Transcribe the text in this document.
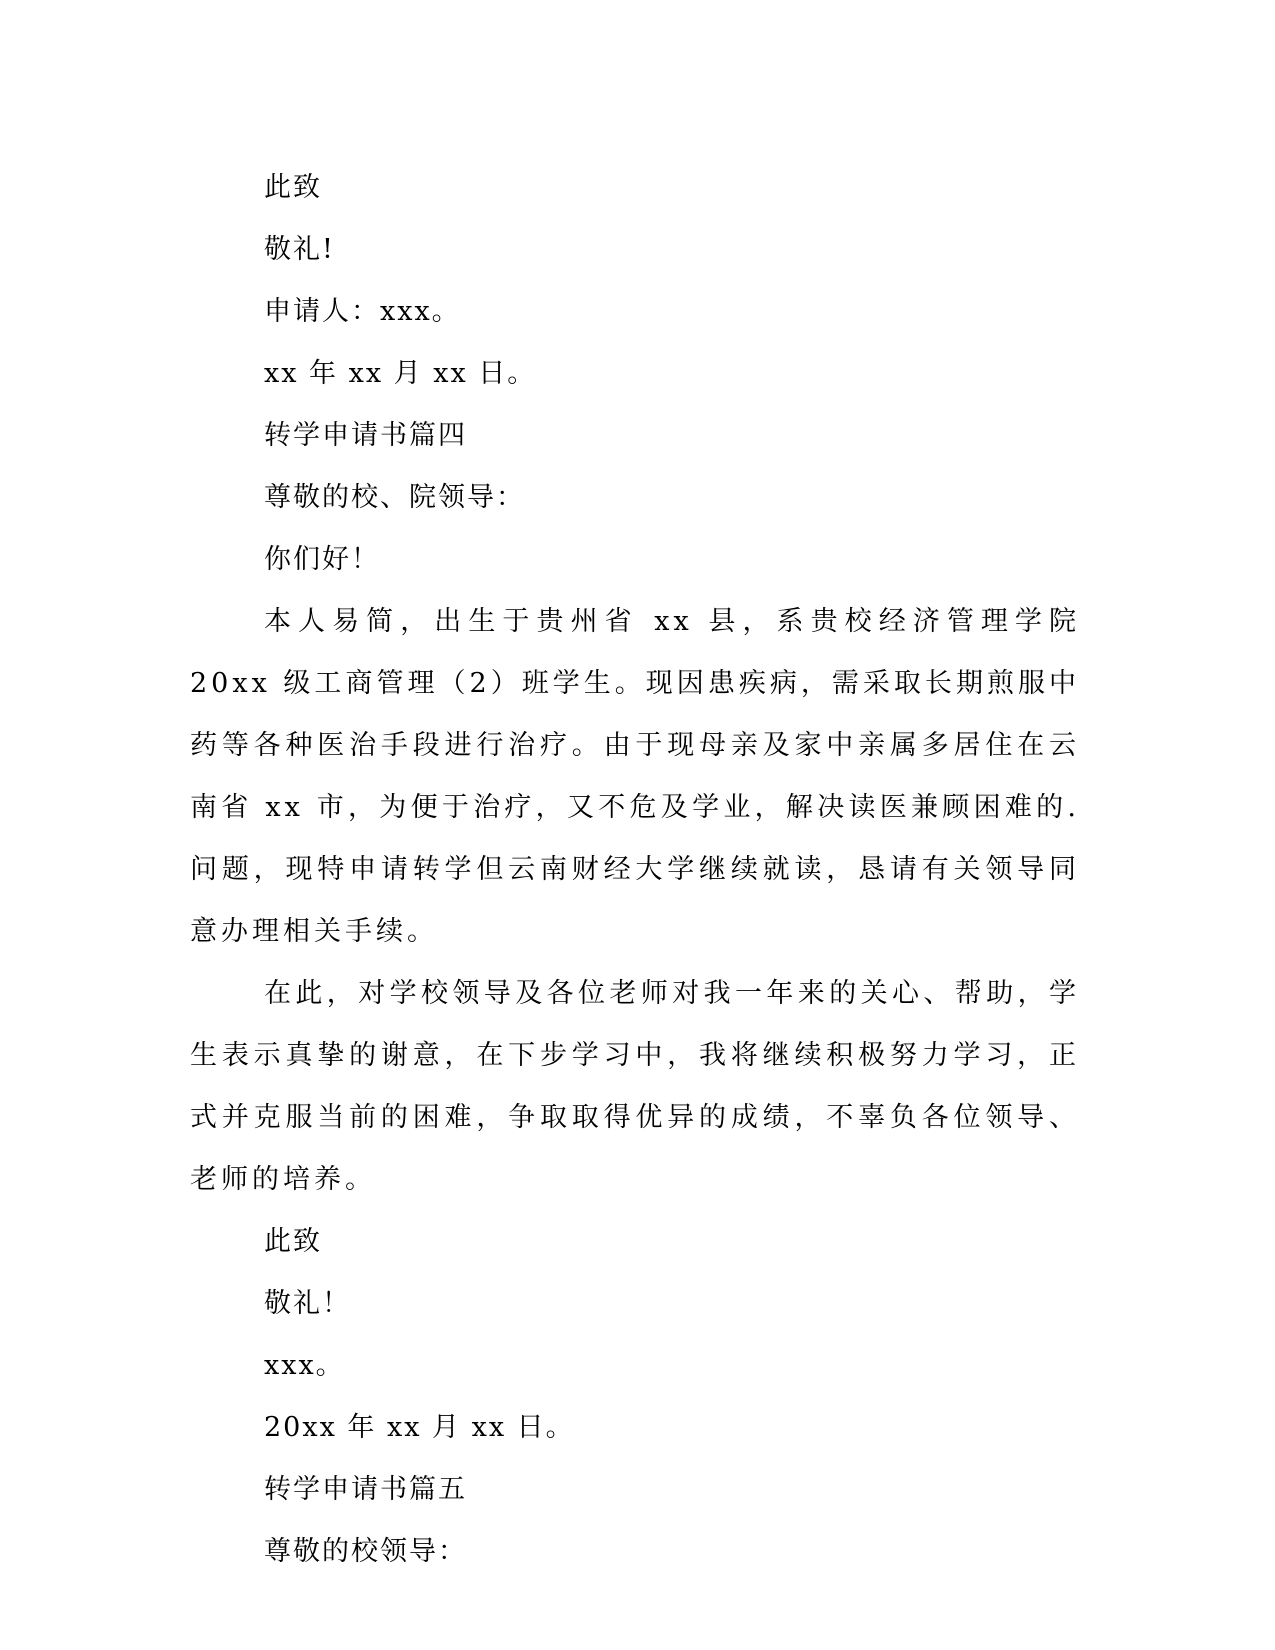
此致

敬礼!

申请人：xxx。

xx 年 xx 月 xx 日。

转学申请书篇四

尊敬的校、院领导：

你们好！

本人易简，出生于贵州省 xx 县，系贵校经济管理学院 20xx 级工商管理（2）班学生。现因患疾病，需采取长期煎服中药等各种医治手段进行治疗。由于现母亲及家中亲属多居住在云南省 xx 市，为便于治疗，又不危及学业，解决读医兼顾困难的.问题，现特申请转学但云南财经大学继续就读，恳请有关领导同意办理相关手续。

在此，对学校领导及各位老师对我一年来的关心、帮助，学生表示真挚的谢意，在下步学习中，我将继续积极努力学习，正式并克服当前的困难，争取取得优异的成绩，不辜负各位领导、老师的培养。

此致

敬礼！

xxx。

20xx 年 xx 月 xx 日。

转学申请书篇五

尊敬的校领导：
